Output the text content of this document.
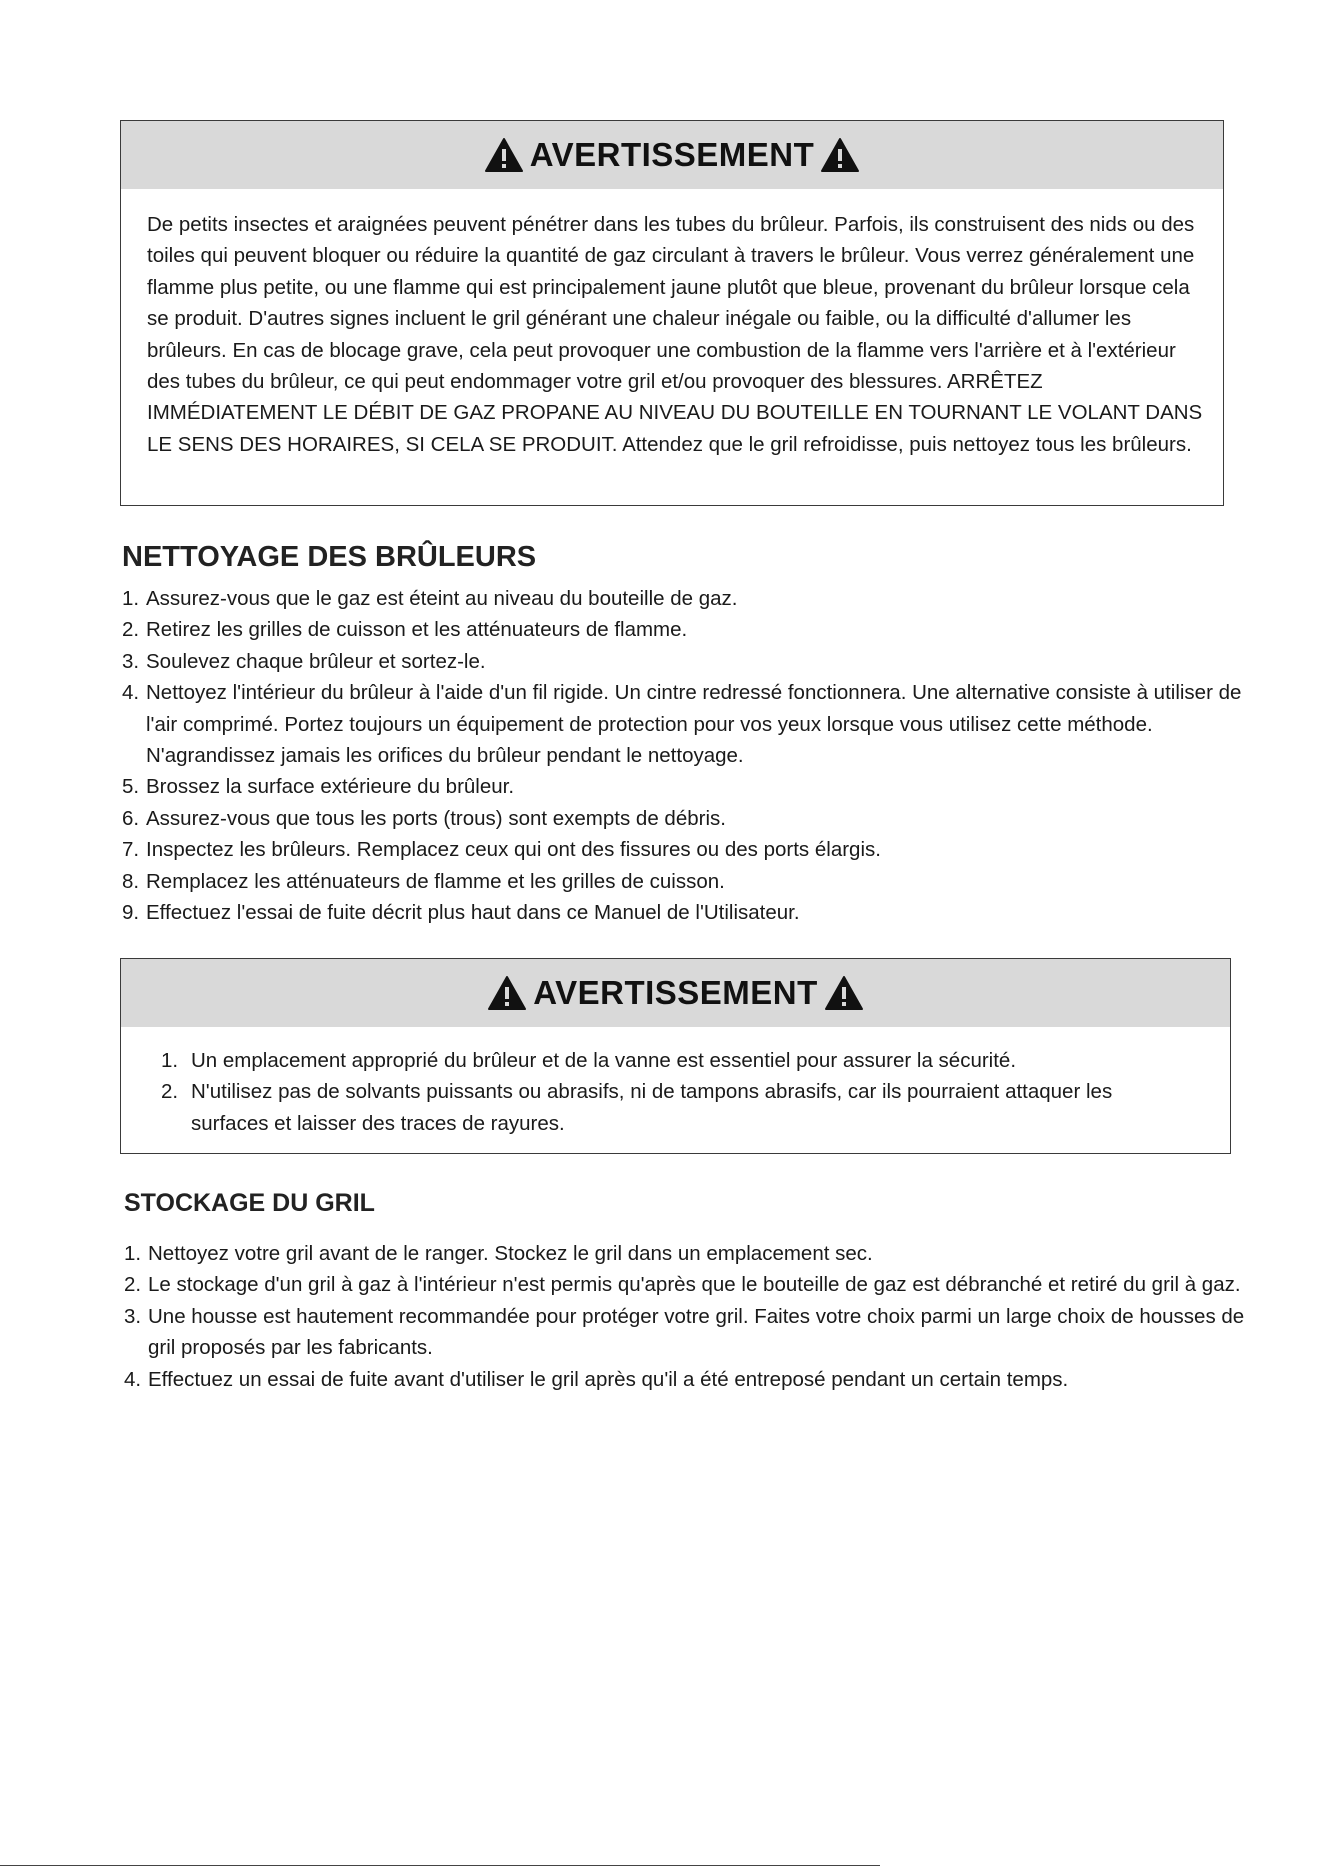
AVERTISSEMENT

De petits insectes et araignées peuvent pénétrer dans les tubes du brûleur. Parfois, ils construisent des nids ou des toiles qui peuvent bloquer ou réduire la quantité de gaz circulant à travers le brûleur. Vous verrez généralement une flamme plus petite, ou une flamme qui est principalement jaune plutôt que bleue, provenant du brûleur lorsque cela se produit. D'autres signes incluent le gril générant une chaleur inégale ou faible, ou la difficulté d'allumer les brûleurs. En cas de blocage grave, cela peut provoquer une combustion de la flamme vers l'arrière et à l'extérieur des tubes du brûleur, ce qui peut endommager votre gril et/ou provoquer des blessures. ARRÊTEZ IMMÉDIATEMENT LE DÉBIT DE GAZ PROPANE AU NIVEAU DU BOUTEILLE EN TOURNANT LE VOLANT DANS LE SENS DES HORAIRES, SI CELA SE PRODUIT. Attendez que le gril refroidisse, puis nettoyez tous les brûleurs.

NETTOYAGE DES BRÛLEURS
1. Assurez-vous que le gaz est éteint au niveau du bouteille de gaz.
2. Retirez les grilles de cuisson et les atténuateurs de flamme.
3. Soulevez chaque brûleur et sortez-le.
4. Nettoyez l'intérieur du brûleur à l'aide d'un fil rigide. Un cintre redressé fonctionnera. Une alternative consiste à utiliser de l'air comprimé. Portez toujours un équipement de protection pour vos yeux lorsque vous utilisez cette méthode. N'agrandissez jamais les orifices du brûleur pendant le nettoyage.
5. Brossez la surface extérieure du brûleur.
6. Assurez-vous que tous les ports (trous) sont exempts de débris.
7. Inspectez les brûleurs. Remplacez ceux qui ont des fissures ou des ports élargis.
8. Remplacez les atténuateurs de flamme et les grilles de cuisson.
9. Effectuez l'essai de fuite décrit plus haut dans ce Manuel de l'Utilisateur.
AVERTISSEMENT
1. Un emplacement approprié du brûleur et de la vanne est essentiel pour assurer la sécurité.
2. N'utilisez pas de solvants puissants ou abrasifs, ni de tampons abrasifs, car ils pourraient attaquer les surfaces et laisser des traces de rayures.
STOCKAGE DU GRIL
1. Nettoyez votre gril avant de le ranger. Stockez le gril dans un emplacement sec.
2. Le stockage d'un gril à gaz à l'intérieur n'est permis qu'après que le bouteille de gaz est débranché et retiré du gril à gaz.
3. Une housse est hautement recommandée pour protéger votre gril. Faites votre choix parmi un large choix de housses de gril proposés par les fabricants.
4. Effectuez un essai de fuite avant d'utiliser le gril après qu'il a été entreposé pendant un certain temps.
